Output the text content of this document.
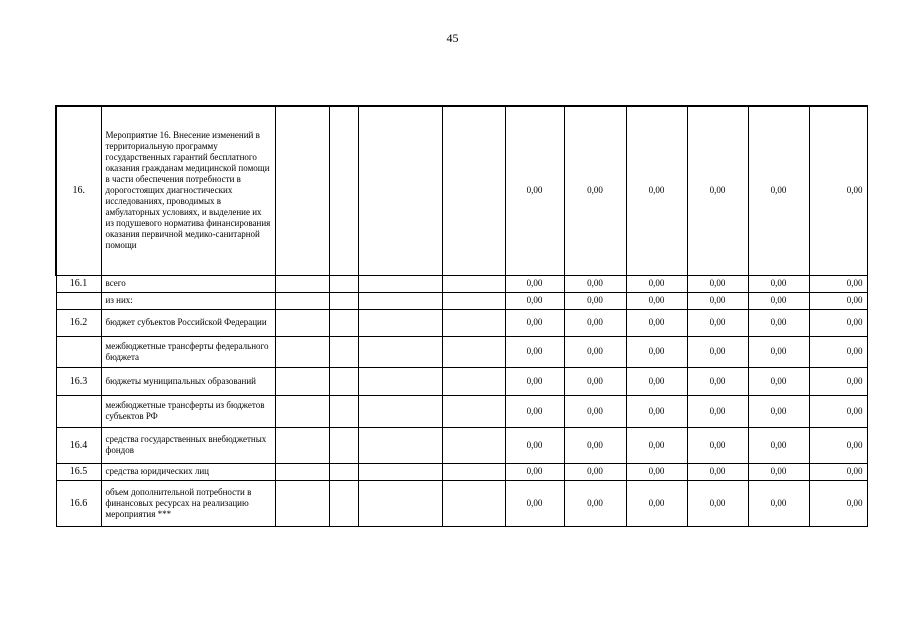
45
16.	Мероприятие 16. Внесение изменений в территориальную программу государственных гарантий бесплатного оказания гражданам медицинской помощи в части обеспечения потребности в дорогостоящих диагностических исследованиях, проводимых в амбулаторных условиях, и выделение их из подушевого норматива финансирования оказания первичной медико-санитарной помощи					0,00	0,00	0,00	0,00	0,00	0,00
16.1	всего					0,00	0,00	0,00	0,00	0,00	0,00
	из них:					0,00	0,00	0,00	0,00	0,00	0,00
16.2	бюджет субъектов Российской Федерации					0,00	0,00	0,00	0,00	0,00	0,00
	межбюджетные трансферты федерального бюджета					0,00	0,00	0,00	0,00	0,00	0,00
16.3	бюджеты муниципальных образований					0,00	0,00	0,00	0,00	0,00	0,00
	межбюджетные трансферты из бюджетов субъектов РФ					0,00	0,00	0,00	0,00	0,00	0,00
16.4	средства государственных внебюджетных фондов					0,00	0,00	0,00	0,00	0,00	0,00
16.5	средства юридических лиц					0,00	0,00	0,00	0,00	0,00	0,00
16.6	объем дополнительной потребности в финансовых ресурсах на реализацию мероприятия ***					0,00	0,00	0,00	0,00	0,00	0,00
